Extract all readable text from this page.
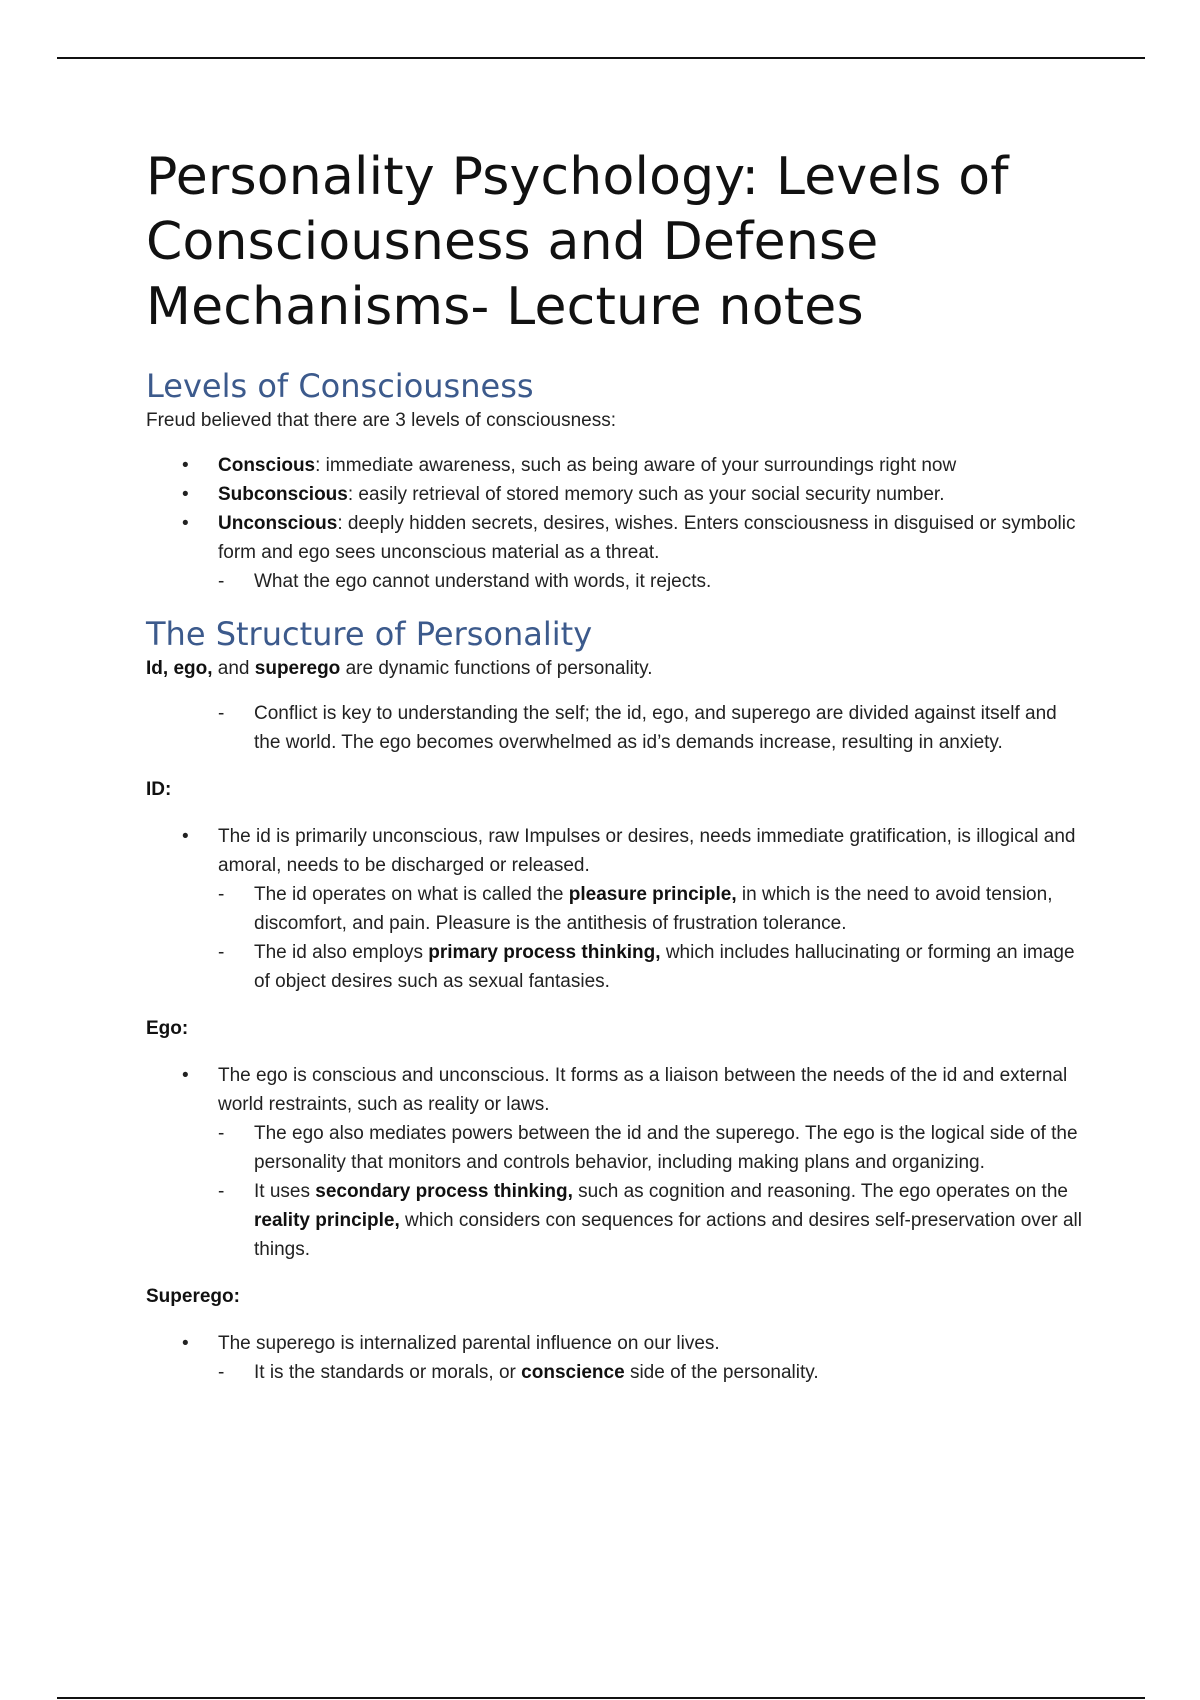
Personality Psychology: Levels of Consciousness and Defense Mechanisms- Lecture notes
Levels of Consciousness

Freud believed that there are 3 levels of consciousness:

• Conscious: immediate awareness, such as being aware of your surroundings right now
• Subconscious: easily retrieval of stored memory such as your social security number.
• Unconscious: deeply hidden secrets, desires, wishes. Enters consciousness in disguised or symbolic form and ego sees unconscious material as a threat.
- What the ego cannot understand with words, it rejects.
The Structure of Personality

Id, ego, and superego are dynamic functions of personality.

- Conflict is key to understanding the self; the id, ego, and superego are divided against itself and the world. The ego becomes overwhelmed as id’s demands increase, resulting in anxiety.

ID:

• The id is primarily unconscious, raw Impulses or desires, needs immediate gratification, is illogical and amoral, needs to be discharged or released.
- The id operates on what is called the pleasure principle, in which is the need to avoid tension, discomfort, and pain. Pleasure is the antithesis of frustration tolerance.
- The id also employs primary process thinking, which includes hallucinating or forming an image of object desires such as sexual fantasies.

Ego:

• The ego is conscious and unconscious. It forms as a liaison between the needs of the id and external world restraints, such as reality or laws.
- The ego also mediates powers between the id and the superego. The ego is the logical side of the personality that monitors and controls behavior, including making plans and organizing.
- It uses secondary process thinking, such as cognition and reasoning. The ego operates on the reality principle, which considers con sequences for actions and desires self-preservation over all things.

Superego:

• The superego is internalized parental influence on our lives.
- It is the standards or morals, or conscience side of the personality.
